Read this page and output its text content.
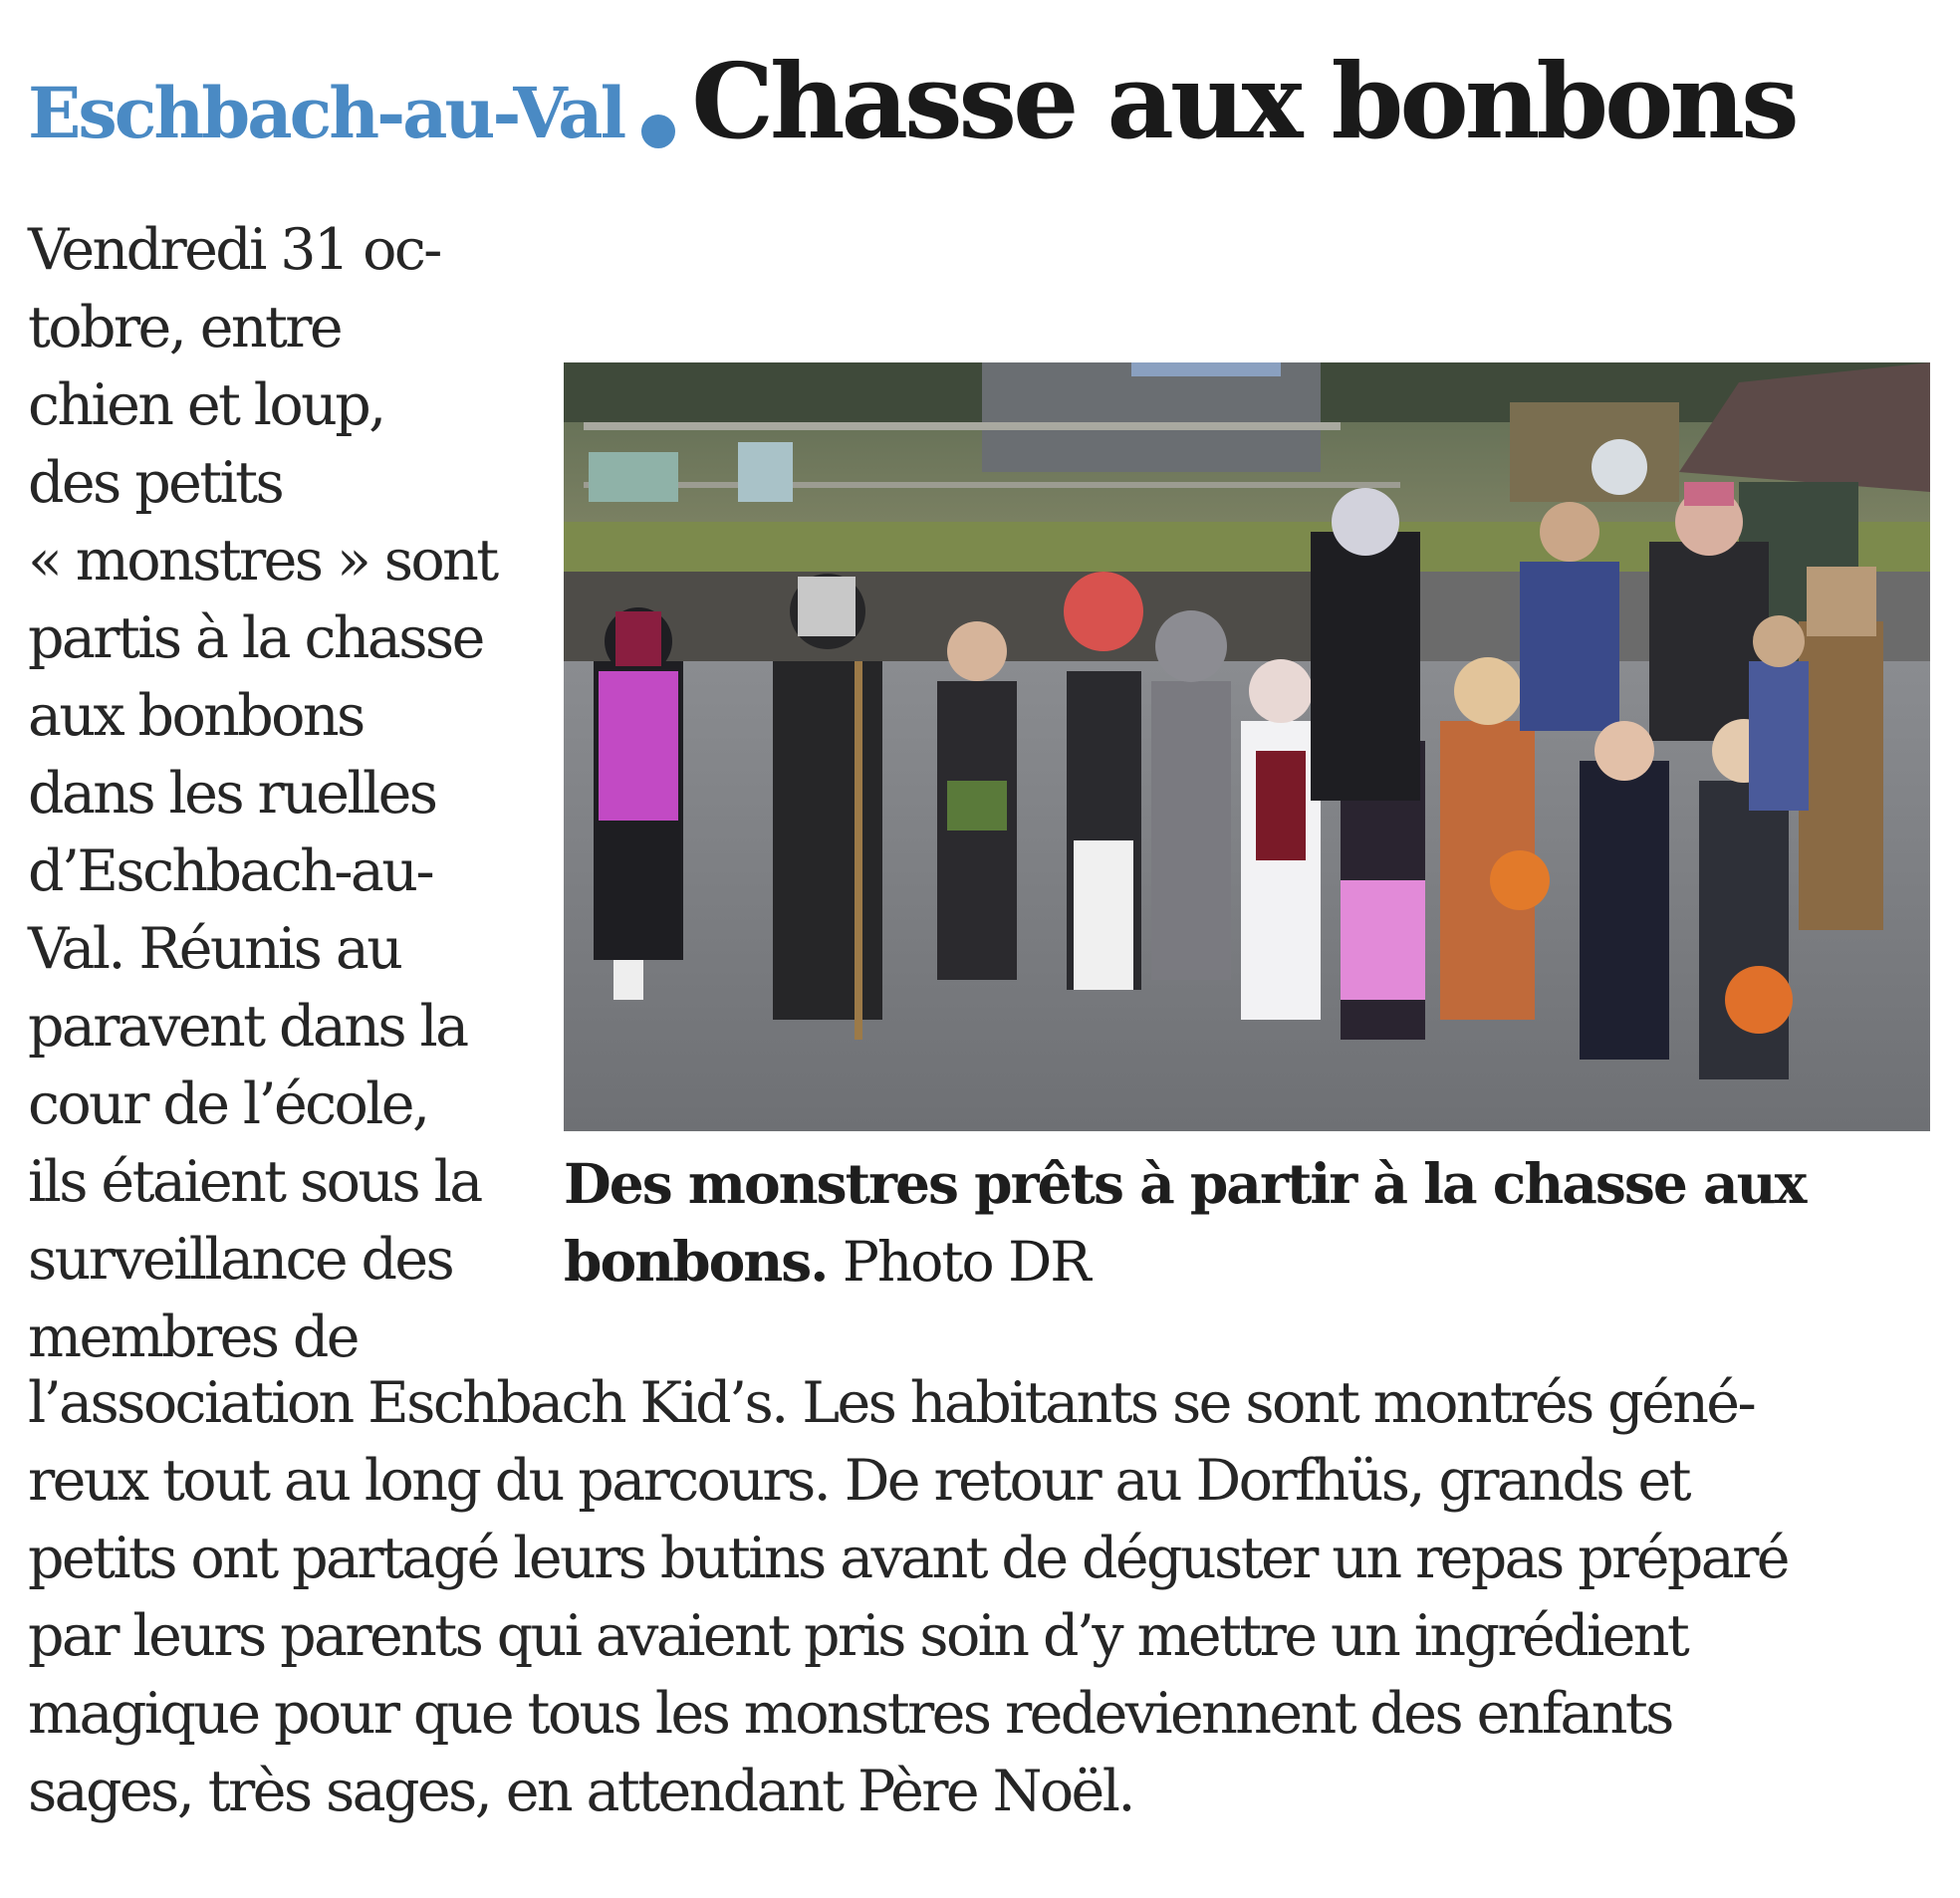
Eschbach-au-Val Chasse aux bonbons
Vendredi 31 oc-
tobre, entre
chien et loup,
des petits
« monstres » sont
partis à la chasse
aux bonbons
dans les ruelles
d’Eschbach-au-
Val. Réunis au
paravent dans la
cour de l’école,
ils étaient sous la
surveillance des
membres de
Des monstres prêts à partir à la chasse aux
bonbons. Photo DR
l’association Eschbach Kid’s. Les habitants se sont montrés géné-
reux tout au long du parcours. De retour au Dorfhüs, grands et
petits ont partagé leurs butins avant de déguster un repas préparé
par leurs parents qui avaient pris soin d’y mettre un ingrédient
magique pour que tous les monstres redeviennent des enfants
sages, très sages, en attendant Père Noël.
